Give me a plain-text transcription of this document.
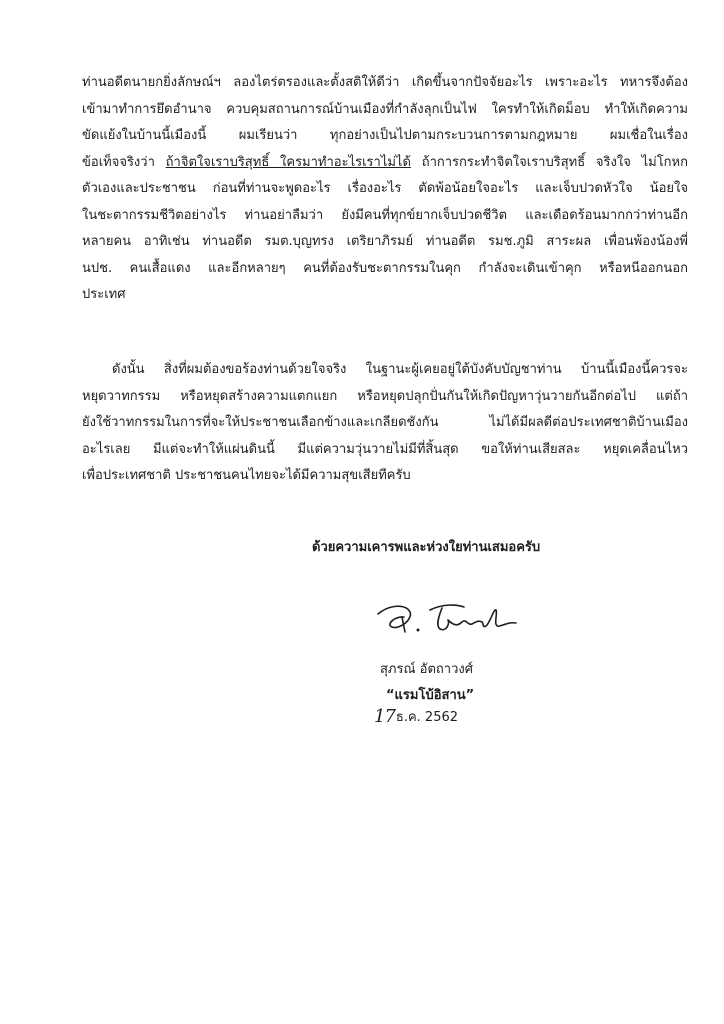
ท่านอดีตนายกยิ่งลักษณ์ฯ ลองไตร่ตรองและตั้งสติให้ดีว่า เกิดขึ้นจากปัจจัยอะไร เพราะอะไร ทหารจึงต้อง
เข้ามาทำการยึดอำนาจ ควบคุมสถานการณ์บ้านเมืองที่กำลังลุกเป็นไฟ ใครทำให้เกิดม็อบ ทำให้เกิดความ
ขัดแย้งในบ้านนี้เมืองนี้ ผมเรียนว่า ทุกอย่างเป็นไปตามกระบวนการตามกฎหมาย ผมเชื่อในเรื่อง
ข้อเท็จจริงว่า ถ้าจิตใจเราบริสุทธิ์ ใครมาทำอะไรเราไม่ได้ ถ้าการกระทำจิตใจเราบริสุทธิ์ จริงใจ ไม่โกหก
ตัวเองและประชาชน ก่อนที่ท่านจะพูดอะไร เรื่องอะไร ตัดพ้อน้อยใจอะไร และเจ็บปวดหัวใจ น้อยใจ
ในชะตากรรมชีวิตอย่างไร ท่านอย่าลืมว่า ยังมีคนที่ทุกข์ยากเจ็บปวดชีวิต และเดือดร้อนมากกว่าท่านอีก
หลายคน อาทิเช่น ท่านอดีต รมต.บุญทรง เตริยาภิรมย์ ท่านอดีต รมช.ภูมิ สาระผล เพื่อนพ้องน้องพี่
นปช. คนเสื้อแดง และอีกหลายๆ คนที่ต้องรับชะตากรรมในคุก กำลังจะเดินเข้าคุก หรือหนีออกนอก
ประเทศ
ดังนั้น สิ่งที่ผมต้องขอร้องท่านด้วยใจจริง ในฐานะผู้เคยอยู่ใต้บังคับบัญชาท่าน บ้านนี้เมืองนี้ควรจะ
หยุดวาทกรรม หรือหยุดสร้างความแตกแยก หรือหยุดปลุกปั่นกันให้เกิดปัญหาวุ่นวายกันอีกต่อไป แต่ถ้า
ยังใช้วาทกรรมในการที่จะให้ประชาชนเลือกข้างและเกลียดชังกัน ไม่ได้มีผลดีต่อประเทศชาติบ้านเมือง
อะไรเลย มีแต่จะทำให้แผ่นดินนี้ มีแต่ความวุ่นวายไม่มีที่สิ้นสุด ขอให้ท่านเสียสละ หยุดเคลื่อนไหว
เพื่อประเทศชาติ ประชาชนคนไทยจะได้มีความสุขเสียทีครับ
ด้วยความเคารพและห่วงใยท่านเสมอครับ
สุภรณ์ อัตถาวงศ์
“แรมโบ้อิสาน”
17 ธ.ค. 2562
